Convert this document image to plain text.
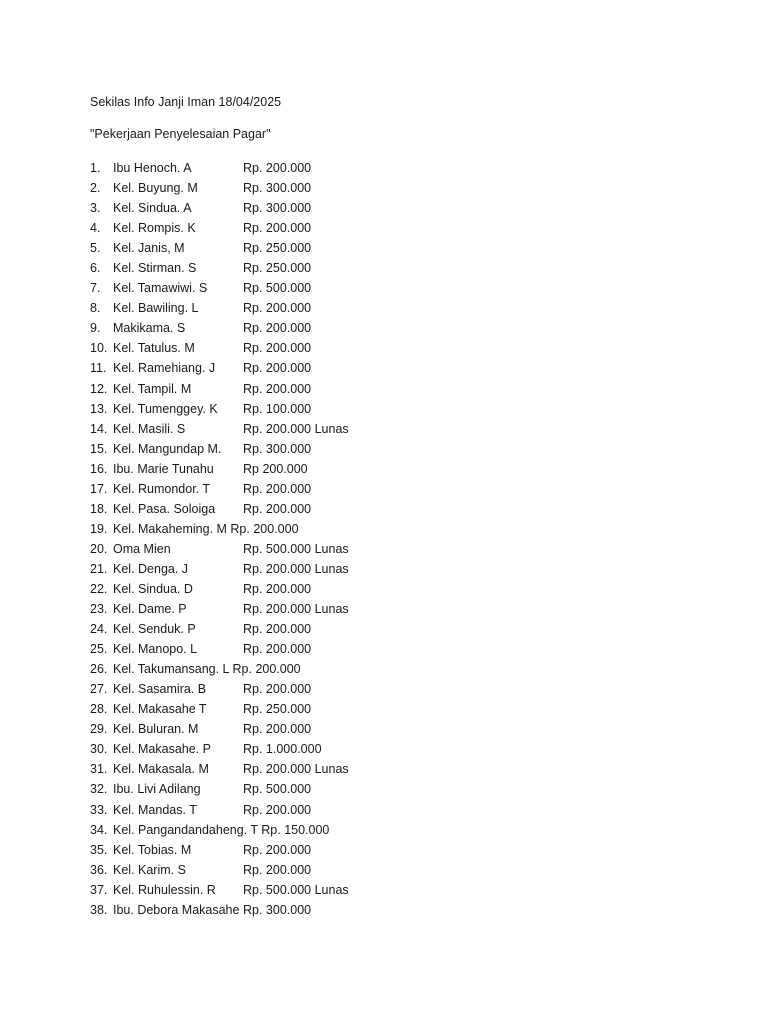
Sekilas Info Janji Iman 18/04/2025
"Pekerjaan Penyelesaian Pagar"
1. Ibu Henoch. A	Rp. 200.000
2. Kel. Buyung. M	Rp. 300.000
3. Kel. Sindua. A	Rp. 300.000
4. Kel. Rompis. K	Rp. 200.000
5. Kel. Janis, M	Rp. 250.000
6. Kel. Stirman. S	Rp. 250.000
7. Kel. Tamawiwi. S	Rp. 500.000
8. Kel. Bawiling. L	Rp. 200.000
9. Makikama. S	Rp. 200.000
10. Kel. Tatulus. M	Rp. 200.000
11. Kel. Ramehiang. J Rp. 200.000
12. Kel. Tampil. M	Rp. 200.000
13. Kel. Tumenggey. K Rp. 100.000
14. Kel. Masili. S	Rp. 200.000 Lunas
15. Kel. Mangundap M. Rp. 300.000
16. Ibu. Marie Tunahu Rp 200.000
17. Kel. Rumondor. T	Rp. 200.000
18. Kel. Pasa. Soloiga Rp. 200.000
19. Kel. Makaheming. M Rp. 200.000
20. Oma Mien	Rp. 500.000 Lunas
21. Kel. Denga. J	Rp. 200.000 Lunas
22. Kel. Sindua. D	Rp. 200.000
23. Kel. Dame. P	Rp. 200.000 Lunas
24. Kel. Senduk. P	Rp. 200.000
25. Kel. Manopo. L	Rp. 200.000
26. Kel. Takumansang. L Rp. 200.000
27. Kel. Sasamira. B	Rp. 200.000
28. Kel. Makasahe T	Rp. 250.000
29. Kel. Buluran. M	Rp. 200.000
30. Kel. Makasahe. P	Rp. 1.000.000
31. Kel. Makasala. M	Rp. 200.000 Lunas
32. Ibu. Livi Adilang	Rp. 500.000
33. Kel. Mandas. T	Rp. 200.000
34. Kel. Pangandandaheng. T Rp. 150.000
35. Kel. Tobias. M	Rp. 200.000
36. Kel. Karim. S	Rp. 200.000
37. Kel. Ruhulessin. R Rp. 500.000 Lunas
38. Ibu. Debora Makasahe Rp. 300.000
